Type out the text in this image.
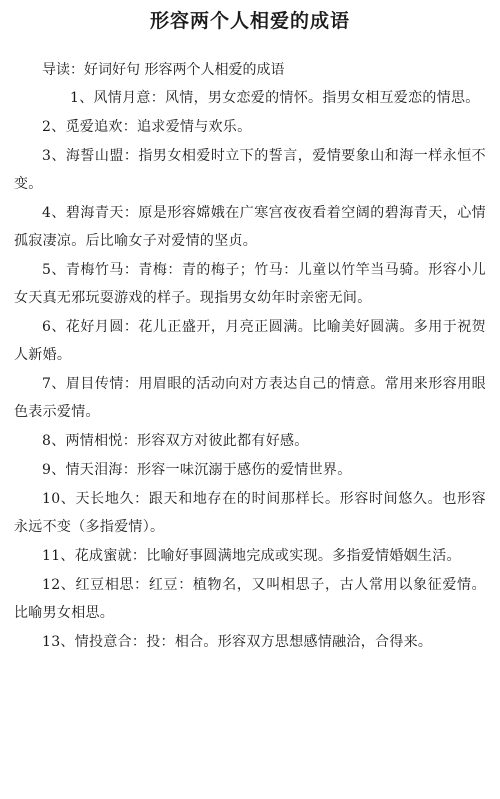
形容两个人相爱的成语
导读：好词好句 形容两个人相爱的成语

1、风情月意：风情，男女恋爱的情怀。指男女相互爱恋的情思。

2、觅爱追欢：追求爱情与欢乐。

3、海誓山盟：指男女相爱时立下的誓言，爱情要象山和海一样永恒不变。

4、碧海青天：原是形容嫦娥在广寒宫夜夜看着空阔的碧海青天，心情孤寂凄凉。后比喻女子对爱情的坚贞。

5、青梅竹马：青梅：青的梅子；竹马：儿童以竹竿当马骑。形容小儿女天真无邪玩耍游戏的样子。现指男女幼年时亲密无间。

6、花好月圆：花儿正盛开，月亮正圆满。比喻美好圆满。多用于祝贺人新婚。

7、眉目传情：用眉眼的活动向对方表达自己的情意。常用来形容用眼色表示爱情。

8、两情相悦：形容双方对彼此都有好感。

9、情天泪海：形容一味沉溺于感伤的爱情世界。

10、天长地久：跟天和地存在的时间那样长。形容时间悠久。也形容永远不变（多指爱情）。

11、花成蜜就：比喻好事圆满地完成或实现。多指爱情婚姻生活。

12、红豆相思：红豆：植物名，又叫相思子，古人常用以象征爱情。比喻男女相思。

13、情投意合：投：相合。形容双方思想感情融洽，合得来。
